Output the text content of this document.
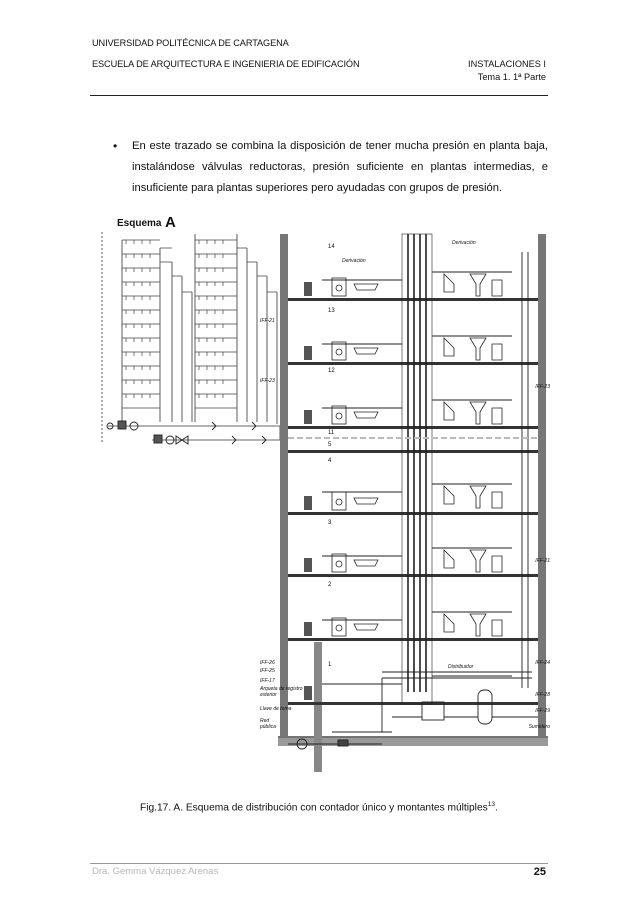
UNIVERSIDAD POLITÉCNICA DE CARTAGENA
ESCUELA DE ARQUITECTURA E INGENIERIA DE EDIFICACIÓN	INSTALACIONES I
Tema 1. 1ª Parte
• En este trazado se combina la disposición de tener mucha presión en planta baja, instalándose válvulas reductoras, presión suficiente en plantas intermedias, e insuficiente para plantas superiores pero ayudadas con grupos de presión.
Esquema A
14
13
12
11
5
4
3
2
1
Derivación
Derivación
Distribuidor
IFF-21
IFF-23
IFF-23
IFF-21
IFF-26
IFF-25
IFF-17
IFF-24
IFF-28
IFF-29
Arqueta de registro
exterior
Llave de toma
Red
pública	Sumidero
Fig.17. A. Esquema de distribución con contador único y montantes múltiples$^{13}$.
Dra. Gemma Vázquez Arenas	25
